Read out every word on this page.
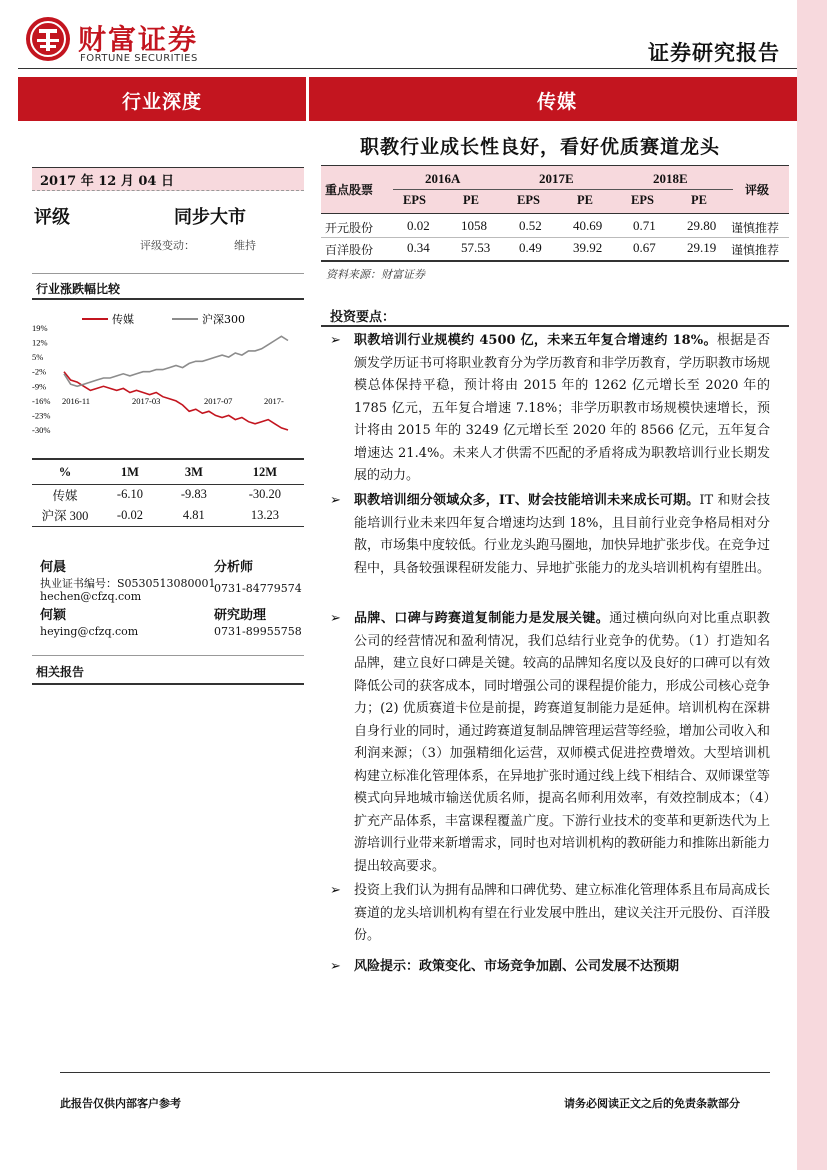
财富证券
FORTUNE SECURITIES	证券研究报告
行业深度	传媒
职教行业成长性良好，看好优质赛道龙头
2017 年 12 月 04 日
评级	同步大市
评级变动：	维持
行业涨跌幅比较
19%
12%
5%
-2%
-9%
-16%
-23%
-30%
2016-11	2017-03	2017-07	2017-
传媒	沪深300
%	1M	3M	12M
传媒	-6.10	-9.83	-30.20
沪深 300	-0.02	4.81	13.23
何晨	分析师
执业证书编号：S0530513080001
0731-84779574
hechen@cfzq.com
何颖	研究助理
heying@cfzq.com	0731-89955758
相关报告
重点股票	评级
2016A	2017E	2018E
EPS	PE	EPS	PE	EPS	PE
开元股份	0.02 1058 0.52 40.69 0.71 29.80 谨慎推荐
百洋股份	0.34 57.53 0.49 39.92 0.67 29.19 谨慎推荐
资料来源：财富证券
投资要点：
➢ 职教培训行业规模约 4500 亿，未来五年复合增速约 18%。根据是否颁发学历证书可将职业教育分为学历教育和非学历教育，学历职教市场规模总体保持平稳，预计将由 2015 年的 1262 亿元增长至 2020 年的 1785 亿元，五年复合增速 7.18%；非学历职教市场规模快速增长，预计将由 2015 年的 3249 亿元增长至 2020 年的 8566 亿元，五年复合增速达 21.4%。未来人才供需不匹配的矛盾将成为职教培训行业长期发展的动力。
➢ 职教培训细分领域众多，IT、财会技能培训未来成长可期。IT 和财会技能培训行业未来四年复合增速均达到 18%，且目前行业竞争格局相对分散，市场集中度较低。行业龙头跑马圈地，加快异地扩张步伐。在竞争过程中，具备较强课程研发能力、异地扩张能力的龙头培训机构有望胜出。
➢ 品牌、口碑与跨赛道复制能力是发展关键。通过横向纵向对比重点职教公司的经营情况和盈利情况，我们总结行业竞争的优势。（1）打造知名品牌，建立良好口碑是关键。较高的品牌知名度以及良好的口碑可以有效降低公司的获客成本，同时增强公司的课程提价能力，形成公司核心竞争力；(2) 优质赛道卡位是前提，跨赛道复制能力是延伸。培训机构在深耕自身行业的同时，通过跨赛道复制品牌管理运营等经验，增加公司收入和利润来源；（3）加强精细化运营，双师模式促进控费增效。大型培训机构建立标准化管理体系，在异地扩张时通过线上线下相结合、双师课堂等模式向异地城市输送优质名师，提高名师利用效率，有效控制成本；（4）扩充产品体系，丰富课程覆盖广度。下游行业技术的变革和更新迭代为上游培训行业带来新增需求，同时也对培训机构的教研能力和推陈出新能力提出较高要求。
➢ 投资上我们认为拥有品牌和口碑优势、建立标准化管理体系且布局高成长赛道的龙头培训机构有望在行业发展中胜出，建议关注开元股份、百洋股份。
➢ 风险提示：政策变化、市场竞争加剧、公司发展不达预期
此报告仅供内部客户参考	请务必阅读正文之后的免责条款部分
